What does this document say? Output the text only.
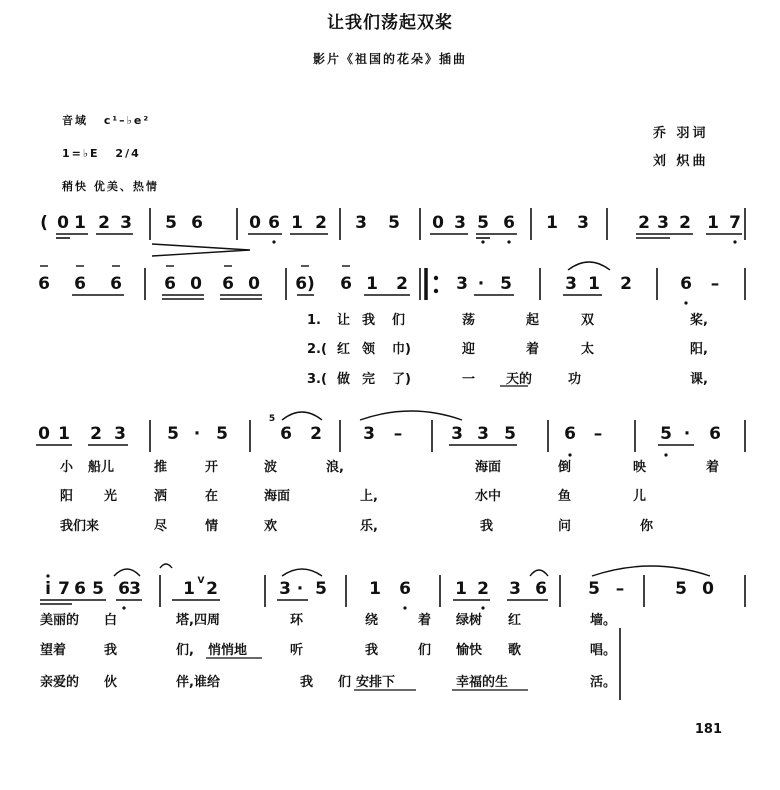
让我们荡起双桨
影片《祖国的花朵》插曲
音域 c¹–♭e²
1=♭E 2/4
稍快 优美、热情
乔 羽词
刘 炽曲
( 0 1 2 3 5 6	0 6 1 2 3 5 0 3 5 6 1 3	2 3 2 1 7
6 6 6 6 0 6 0 6) 6 1 2	3 · 5	3 1 2	6 –
0 1 2 3 5 · 5	6 2 3 –	3 3 5	6 –	5 · 6
i 7 6 5 6 3 1 2	3 · 5 1 6	1 2 3 6 5 –	5 0
5
V
1. 让 我 们	荡	起	双	桨,
2.( 红 领 巾)	迎	着	太	阳,
3.( 做 完 了)	一 天的	功	课,
小 船儿	推	开	波	浪,	海面	倒	映	着
阳 光	洒	在	海面	上,	水中	鱼	儿
我们来	尽	情	欢	乐,	我	问	你
美丽的 白	塔,四周	环	绕	着 绿树 红	墙。
望着	我	们, 悄悄地	听	我	们 愉快 歌	唱。
亲爱的 伙	伴,谁给	我 们 安排下	幸福的生	活。
181
